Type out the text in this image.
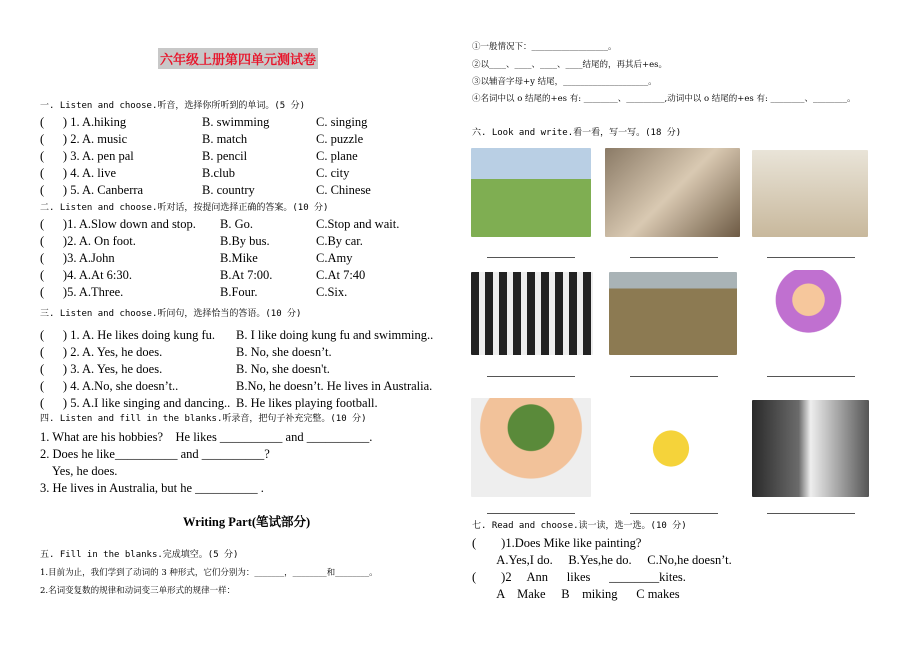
六年级上册第四单元测试卷
一. Listen and choose.听音，选择你所听到的单词。(5 分)
二. Listen and choose.听对话，按提问选择正确的答案。(10 分)
三. Listen and choose.听问句，选择恰当的答语。(10 分)
四. Listen and fill in the blanks.听录音，把句子补充完整。(10 分)
1. What are his hobbies?    He likes __________ and __________.
2. Does he like__________ and __________?
Yes, he does.
3. He lives in Australia, but he __________ .
Writing Part(笔试部分)
五. Fill in the blanks.完成填空。(5 分)
1.目前为止，我们学到了动词的 3 种形式，它们分别为：_______，________和________。
2.名词变复数的规律和动词变三单形式的规律一样：
①一般情况下：__________________。
②以____、____、____、____结尾的，再其后+es。
③以辅音字母+y 结尾，____________________。
④名词中以 o 结尾的+es 有: ________、_________,动词中以 o 结尾的+es 有: ________、________。
六. Look and write.看一看，写一写。(18 分)
七. Read and choose.读一读，选一选。(10 分)
(        )1.Does Mike like painting?
A.Yes,I do.     B.Yes,he do.     C.No,he doesn’t.
(        )2     Ann      likes      ________kites.
A    Make     B    miking      C makes
(      ) 1. A.hiking	B. swimming	C. singing
(      )1. A.Slow down and stop. B. Go.	C.Stop and wait.
(      ) 1. A. He likes doing kung fu. B. I like doing kung fu and swimming..
(      ) 2. A. music	B. match	C. puzzle
(      )2. A. On foot.	B.By bus.	C.By car.
(      ) 2. A. Yes, he does.	B. No, she doesn’t.
(      ) 3. A. pen pal	B. pencil	C. plane
(      )3. A.John	B.Mike	C.Amy
(      ) 3. A. Yes, he does.	B. No, she doesn't.
(      ) 4. A. live	B.club	C. city
(      )4. A.At 6:30.	B.At 7:00.	C.At 7:40
(      ) 4. A.No, she doesn’t..	B.No, he doesn’t. He lives in Australia.
(      ) 5. A. Canberra	B. country	C. Chinese
(      )5. A.Three.	B.Four.	C.Six.
(      ) 5. A.I like singing and dancing.. B. He likes playing football.
